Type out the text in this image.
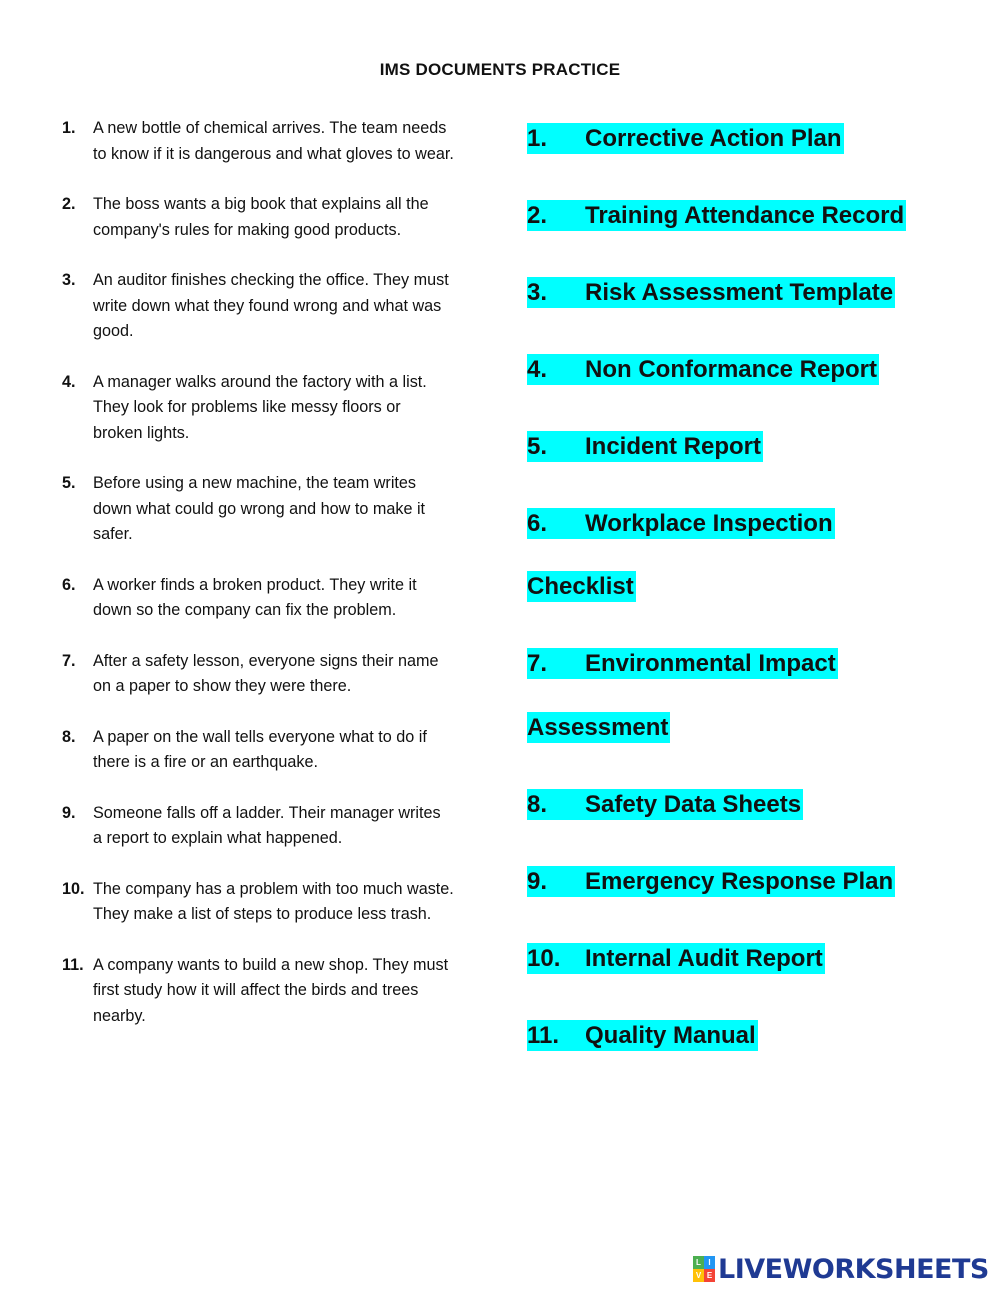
IMS DOCUMENTS PRACTICE
1. A new bottle of chemical arrives. The team needs to know if it is dangerous and what gloves to wear.
2. The boss wants a big book that explains all the company's rules for making good products.
3. An auditor finishes checking the office. They must write down what they found wrong and what was good.
4. A manager walks around the factory with a list. They look for problems like messy floors or broken lights.
5. Before using a new machine, the team writes down what could go wrong and how to make it safer.
6. A worker finds a broken product. They write it down so the company can fix the problem.
7. After a safety lesson, everyone signs their name on a paper to show they were there.
8. A paper on the wall tells everyone what to do if there is a fire or an earthquake.
9. Someone falls off a ladder. Their manager writes a report to explain what happened.
10. The company has a problem with too much waste. They make a list of steps to produce less trash.
11. A company wants to build a new shop. They must first study how it will affect the birds and trees nearby.
1. Corrective Action Plan
2. Training Attendance Record
3. Risk Assessment Template
4. Non Conformance Report
5. Incident Report
6. Workplace Inspection
Checklist
7. Environmental Impact
Assessment
8. Safety Data Sheets
9. Emergency Response Plan
10. Internal Audit Report
11. Quality Manual
L I
V E LIVEWORKSHEETS
